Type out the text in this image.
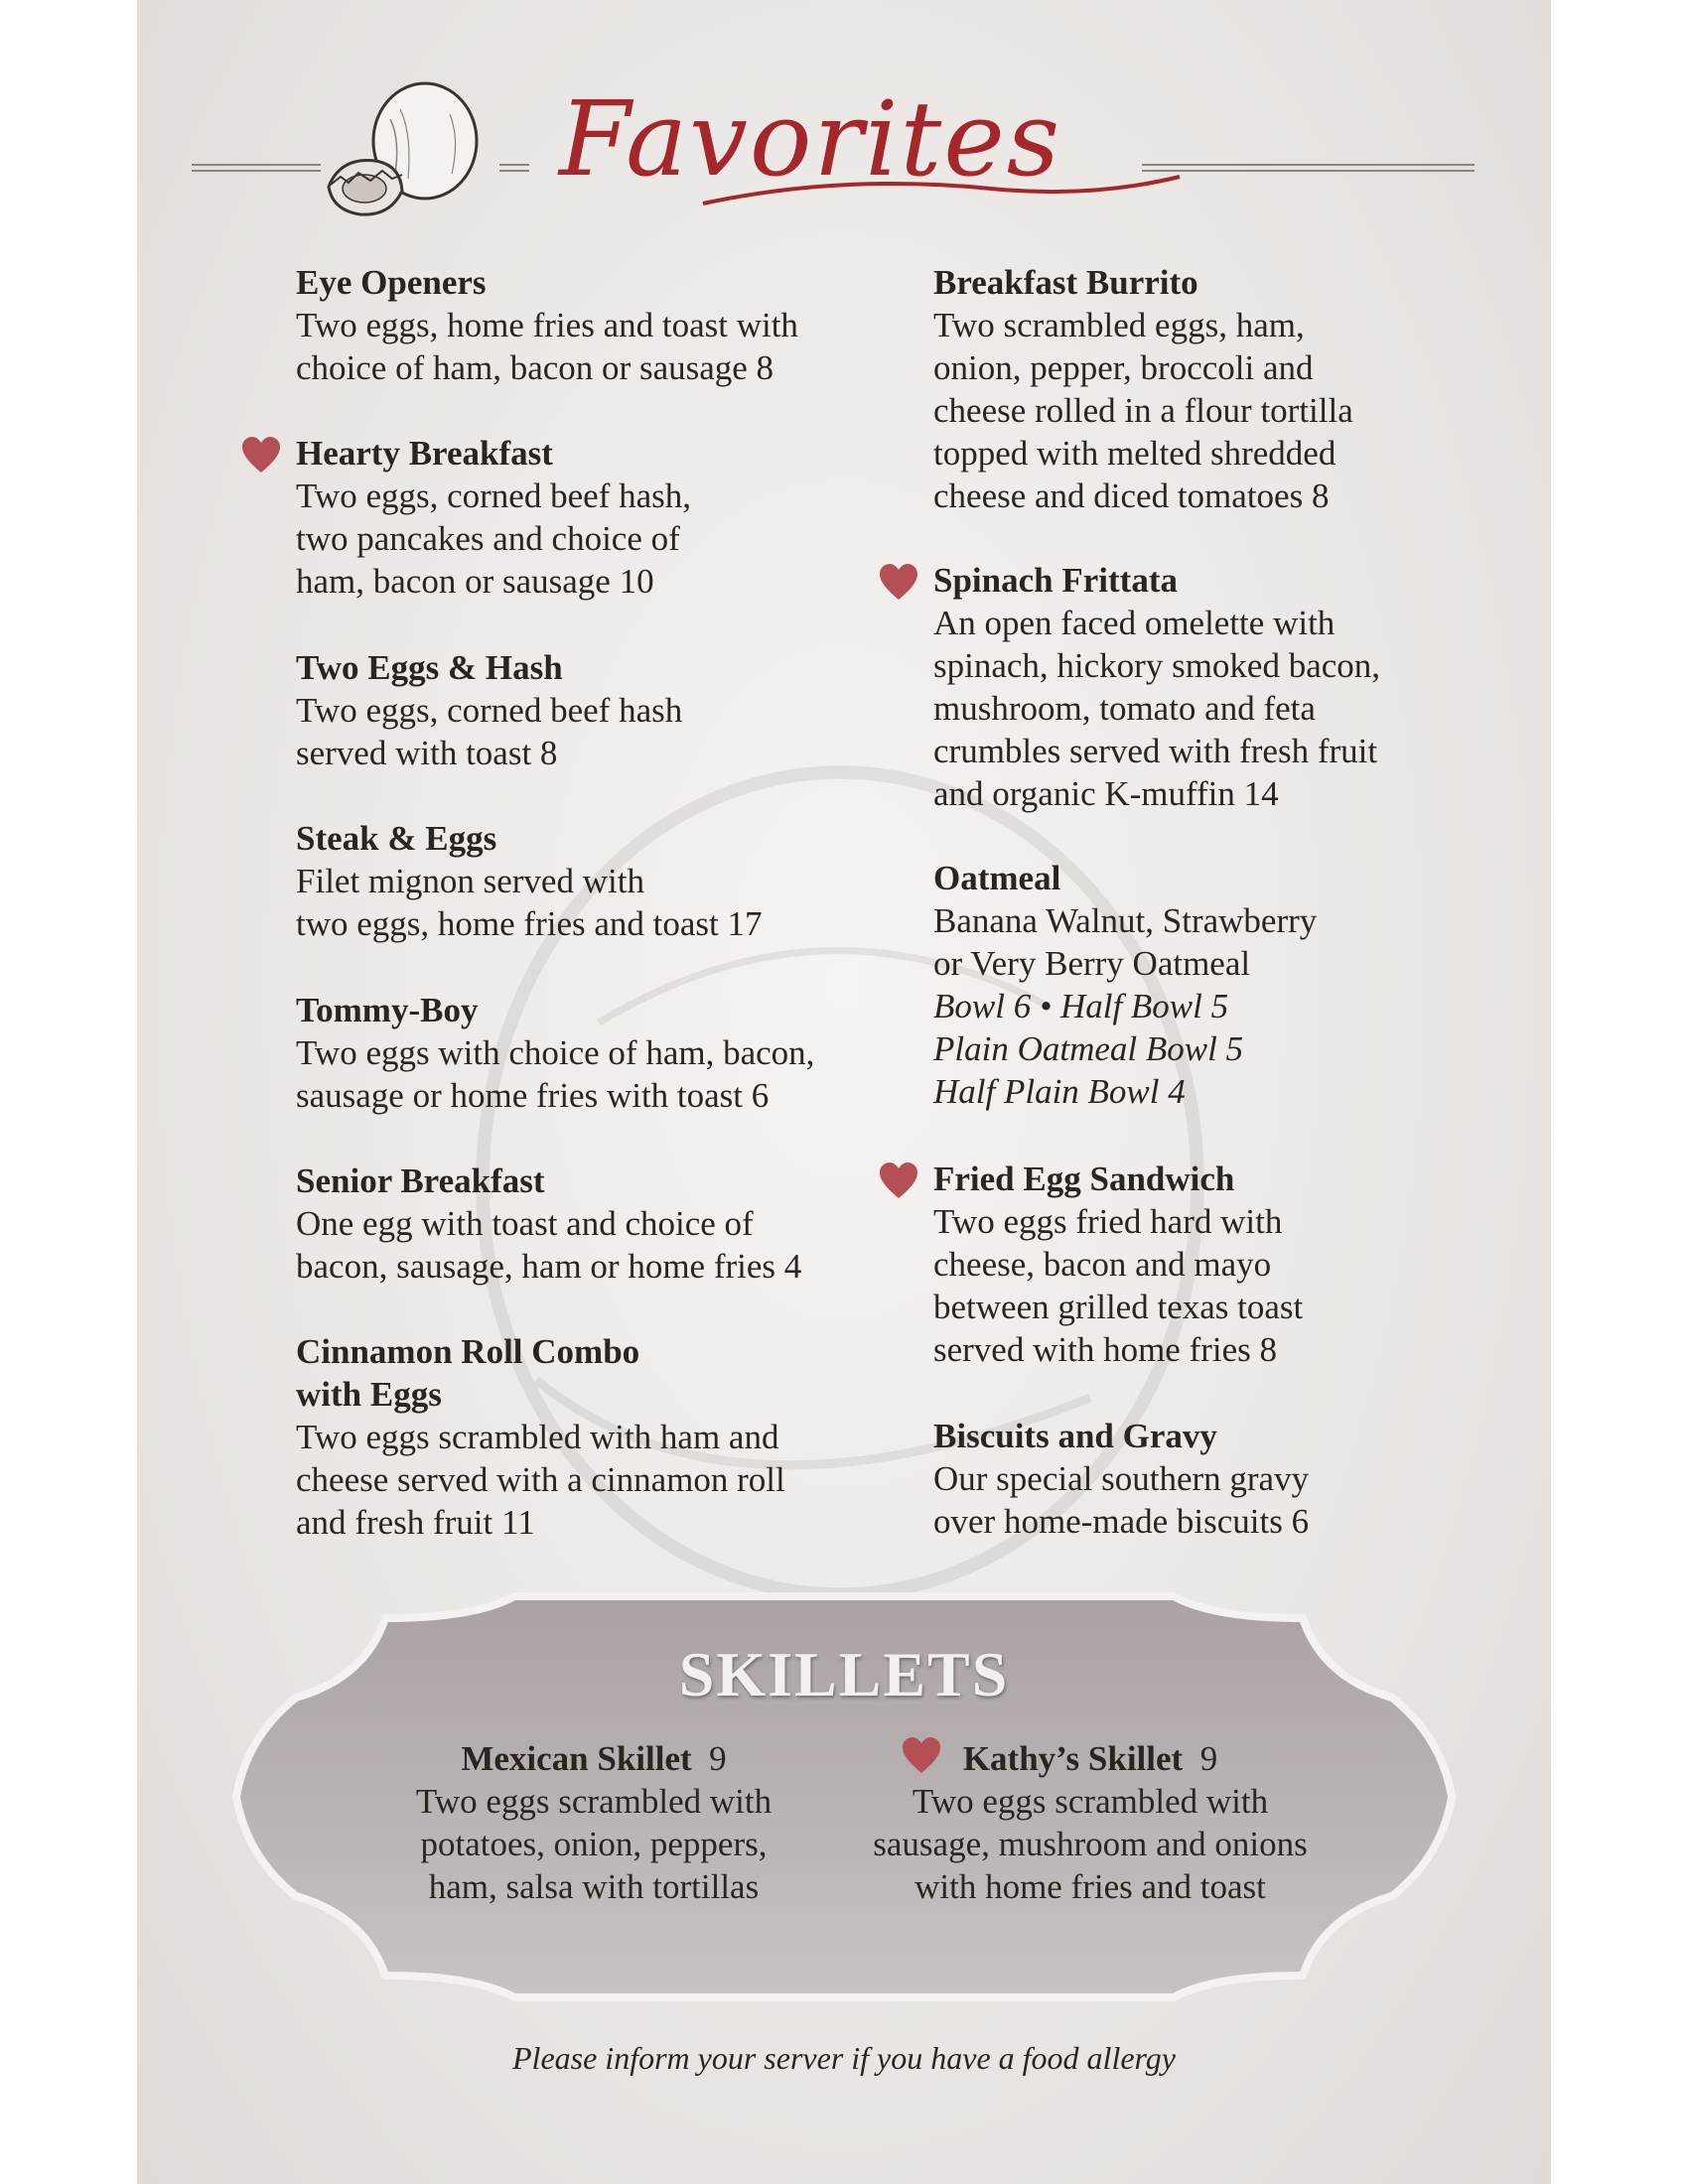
Favorites
Eye Openers
Two eggs, home fries and toast with
choice of ham, bacon or sausage 8
Hearty Breakfast
Two eggs, corned beef hash,
two pancakes and choice of
ham, bacon or sausage 10
Two Eggs & Hash
Two eggs, corned beef hash
served with toast 8
Steak & Eggs
Filet mignon served with
two eggs, home fries and toast 17
Tommy-Boy
Two eggs with choice of ham, bacon,
sausage or home fries with toast 6
Senior Breakfast
One egg with toast and choice of
bacon, sausage, ham or home fries 4
Cinnamon Roll Combo
with Eggs
Two eggs scrambled with ham and
cheese served with a cinnamon roll
and fresh fruit 11
Breakfast Burrito
Two scrambled eggs, ham,
onion, pepper, broccoli and
cheese rolled in a flour tortilla
topped with melted shredded
cheese and diced tomatoes 8
Spinach Frittata
An open faced omelette with
spinach, hickory smoked bacon,
mushroom, tomato and feta
crumbles served with fresh fruit
and organic K-muffin 14
Oatmeal
Banana Walnut, Strawberry
or Very Berry Oatmeal
Bowl 6 • Half Bowl 5
Plain Oatmeal Bowl 5
Half Plain Bowl 4
Fried Egg Sandwich
Two eggs fried hard with
cheese, bacon and mayo
between grilled texas toast
served with home fries 8
Biscuits and Gravy
Our special southern gravy
over home-made biscuits 6
SKILLETS
Mexican Skillet 9
Two eggs scrambled with
potatoes, onion, peppers,
ham, salsa with tortillas
Kathy’s Skillet 9
Two eggs scrambled with
sausage, mushroom and onions
with home fries and toast
Please inform your server if you have a food allergy
